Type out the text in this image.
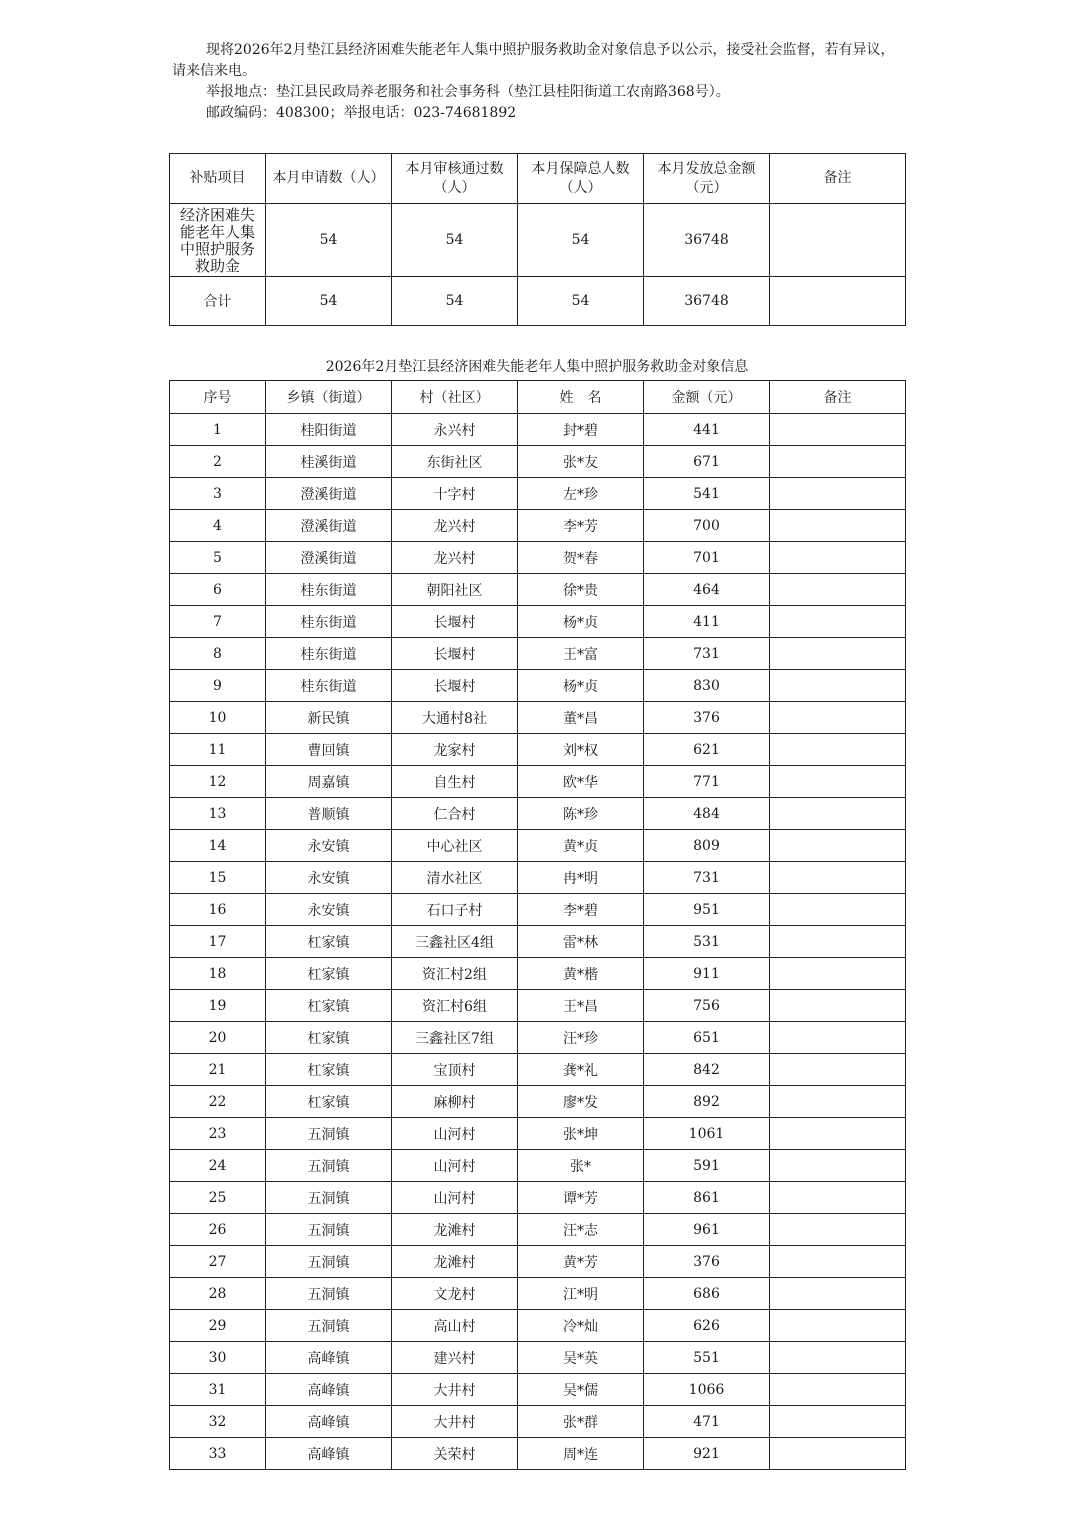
现将2026年2月垫江县经济困难失能老年人集中照护服务救助金对象信息予以公示，接受社会监督，若有异议，请来信来电。

举报地点：垫江县民政局养老服务和社会事务科（垫江县桂阳街道工农南路368号）。

邮政编码：408300；举报电话：023-74681892

补贴项目	本月申请数（人）	本月审核通过数（人）	本月保障总人数（人）	本月发放总金额（元）	备注

经济困难失能老年人集中照护服务救助金	54	54	54	36748	
合计	54	54	54	36748	
2026年2月垫江县经济困难失能老年人集中照护服务救助金对象信息
序号	乡镇（街道）	村（社区）	姓　名	金额（元）	备注
1	桂阳街道	永兴村	封*碧	441	
2	桂溪街道	东街社区	张*友	671	
3	澄溪街道	十字村	左*珍	541	
4	澄溪街道	龙兴村	李*芳	700	
5	澄溪街道	龙兴村	贺*春	701	
6	桂东街道	朝阳社区	徐*贵	464	
7	桂东街道	长堰村	杨*贞	411	
8	桂东街道	长堰村	王*富	731	
9	桂东街道	长堰村	杨*贞	830	
10	新民镇	大通村8社	董*昌	376	
11	曹回镇	龙家村	刘*权	621	
12	周嘉镇	自生村	欧*华	771	
13	普顺镇	仁合村	陈*珍	484	
14	永安镇	中心社区	黄*贞	809	
15	永安镇	清水社区	冉*明	731	
16	永安镇	石口子村	李*碧	951	
17	杠家镇	三鑫社区4组	雷*林	531	
18	杠家镇	资汇村2组	黄*楷	911	
19	杠家镇	资汇村6组	王*昌	756	
20	杠家镇	三鑫社区7组	汪*珍	651	
21	杠家镇	宝顶村	龚*礼	842	
22	杠家镇	麻柳村	廖*发	892	
23	五洞镇	山河村	张*坤	1061	
24	五洞镇	山河村	张*	591	
25	五洞镇	山河村	谭*芳	861	
26	五洞镇	龙滩村	汪*志	961	
27	五洞镇	龙滩村	黄*芳	376	
28	五洞镇	文龙村	江*明	686	
29	五洞镇	高山村	冷*灿	626	
30	高峰镇	建兴村	吴*英	551	
31	高峰镇	大井村	吴*儒	1066	
32	高峰镇	大井村	张*群	471	
33	高峰镇	关荣村	周*连	921	
